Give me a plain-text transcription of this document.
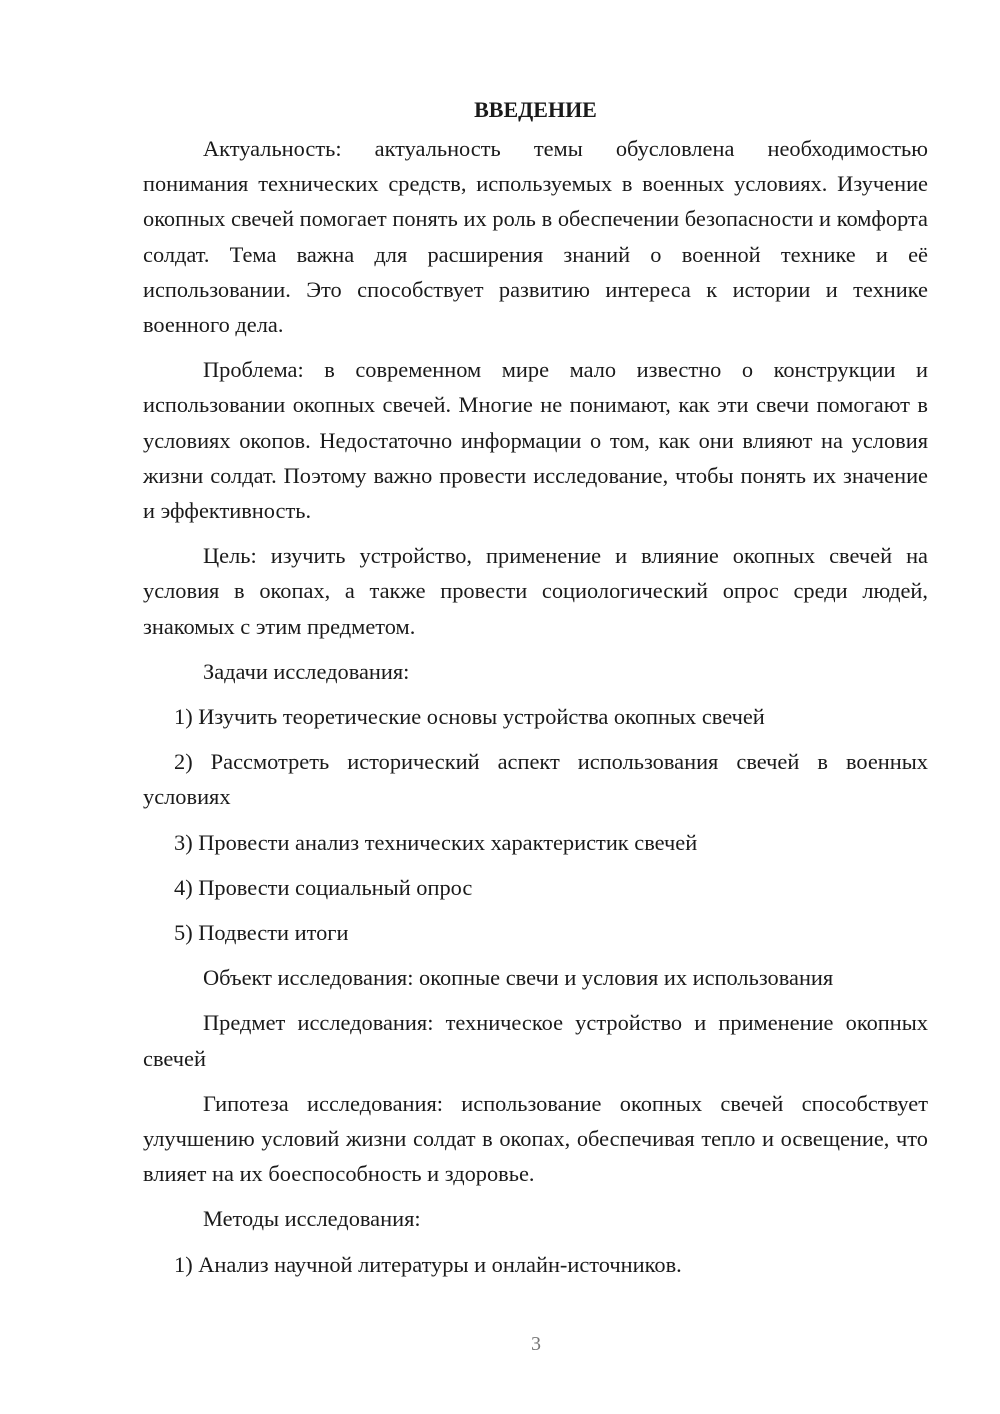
ВВЕДЕНИЕ

Актуальность: актуальность темы обусловлена необходимостью понимания технических средств, используемых в военных условиях. Изучение окопных свечей помогает понять их роль в обеспечении безопасности и комфорта солдат. Тема важна для расширения знаний о военной технике и её использовании. Это способствует развитию интереса к истории и технике военного дела.

Проблема: в современном мире мало известно о конструкции и использовании окопных свечей. Многие не понимают, как эти свечи помогают в условиях окопов. Недостаточно информации о том, как они влияют на условия жизни солдат. Поэтому важно провести исследование, чтобы понять их значение и эффективность.

Цель: изучить устройство, применение и влияние окопных свечей на условия в окопах, а также провести социологический опрос среди людей, знакомых с этим предметом.

Задачи исследования:

1) Изучить теоретические основы устройства окопных свечей

2) Рассмотреть исторический аспект использования свечей в военных условиях

3) Провести анализ технических характеристик свечей

4) Провести социальный опрос

5) Подвести итоги

Объект исследования: окопные свечи и условия их использования

Предмет исследования: техническое устройство и применение окопных свечей

Гипотеза исследования: использование окопных свечей способствует улучшению условий жизни солдат в окопах, обеспечивая тепло и освещение, что влияет на их боеспособность и здоровье.

Методы исследования:

1) Анализ научной литературы и онлайн-источников.

3
